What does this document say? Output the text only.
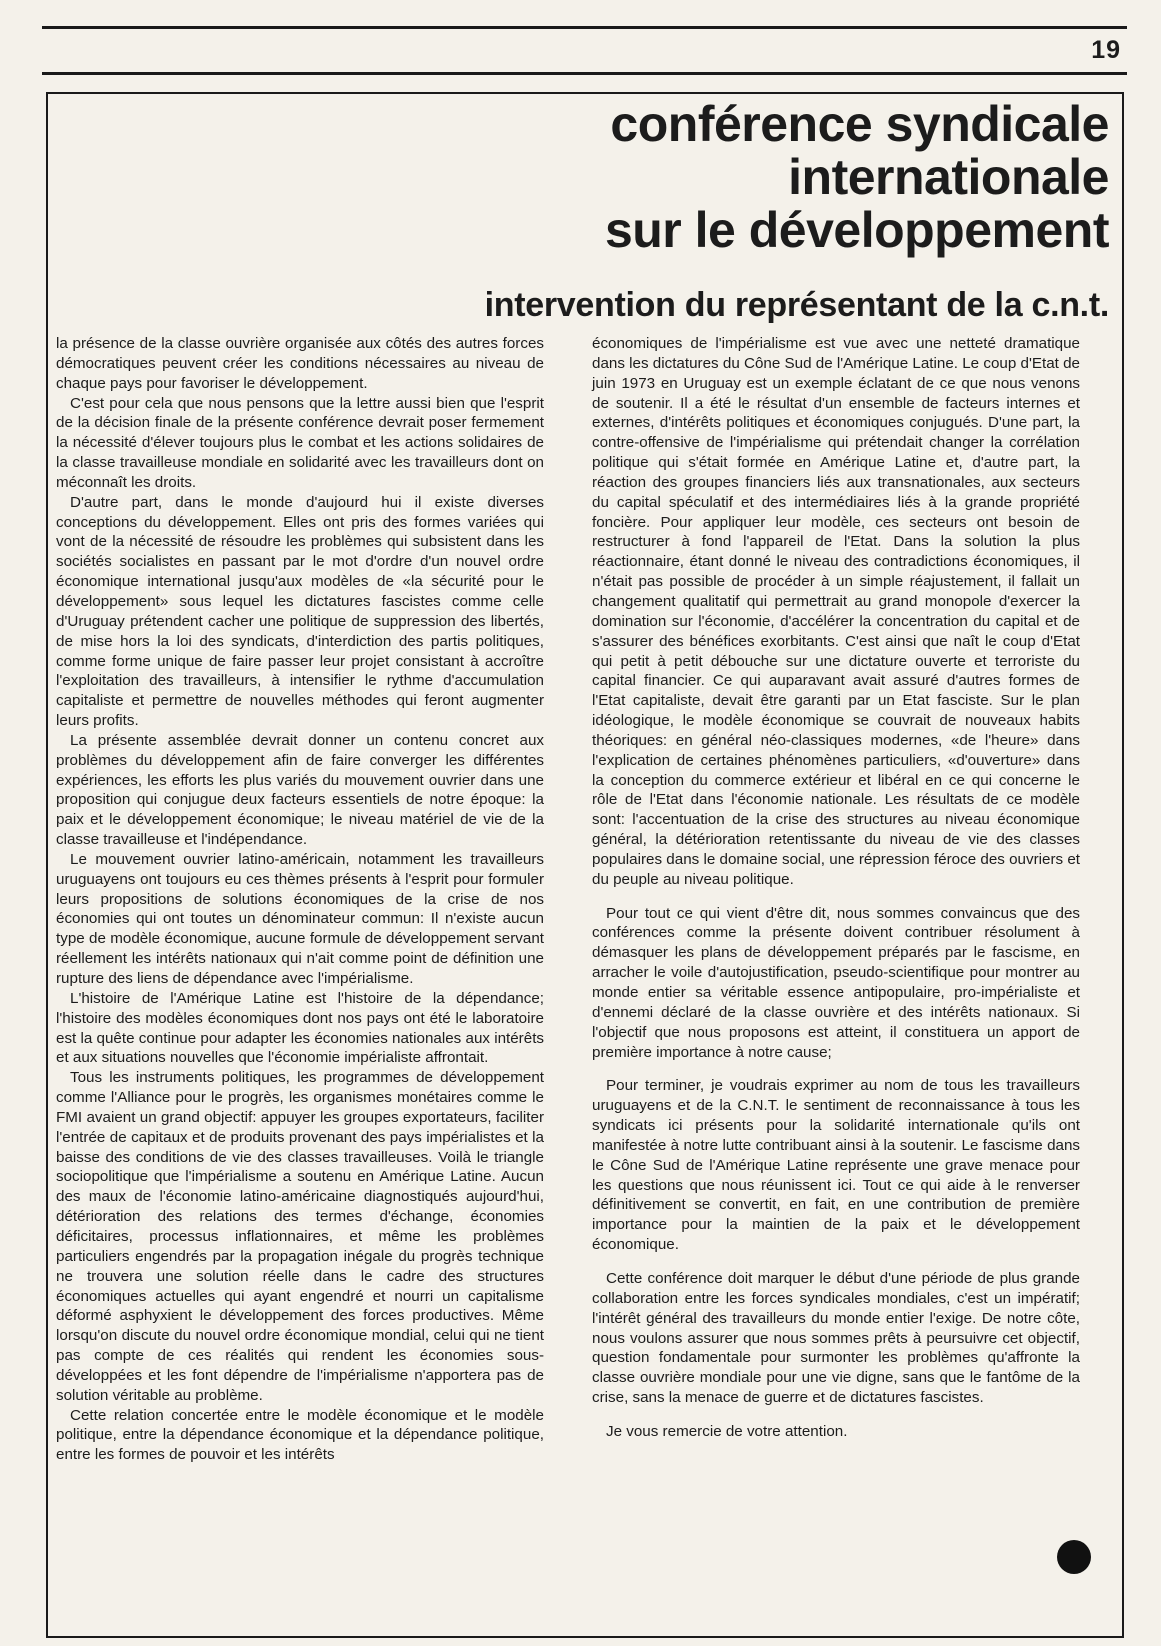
19
conférence syndicale
internationale
sur le développement
intervention du représentant de la c.n.t.

la présence de la classe ouvrière organisée aux côtés des autres forces démocratiques peuvent créer les conditions nécessaires au niveau de chaque pays pour favoriser le développement.

C'est pour cela que nous pensons que la lettre aussi bien que l'esprit de la décision finale de la présente conférence devrait poser fermement la nécessité d'élever toujours plus le combat et les actions solidaires de la classe travailleuse mondiale en solidarité avec les travailleurs dont on méconnaît les droits.

D'autre part, dans le monde d'aujourd hui il existe diverses conceptions du développement. Elles ont pris des formes variées qui vont de la nécessité de résoudre les problèmes qui subsistent dans les sociétés socialistes en passant par le mot d'ordre d'un nouvel ordre économique international jusqu'aux modèles de «la sécurité pour le développement» sous lequel les dictatures fascistes comme celle d'Uruguay prétendent cacher une politique de suppression des libertés, de mise hors la loi des syndicats, d'interdiction des partis politiques, comme forme unique de faire passer leur projet consistant à accroître l'exploitation des travailleurs, à intensifier le rythme d'accumulation capitaliste et permettre de nouvelles méthodes qui feront augmenter leurs profits.

La présente assemblée devrait donner un contenu concret aux problèmes du développement afin de faire converger les différentes expériences, les efforts les plus variés du mouvement ouvrier dans une proposition qui conjugue deux facteurs essentiels de notre époque: la paix et le développement économique; le niveau matériel de vie de la classe travailleuse et l'indépendance.

Le mouvement ouvrier latino-américain, notamment les travailleurs uruguayens ont toujours eu ces thèmes présents à l'esprit pour formuler leurs propositions de solutions économiques de la crise de nos économies qui ont toutes un dénominateur commun: Il n'existe aucun type de modèle économique, aucune formule de développement servant réellement les intérêts nationaux qui n'ait comme point de définition une rupture des liens de dépendance avec l'impérialisme.

L'histoire de l'Amérique Latine est l'histoire de la dépendance; l'histoire des modèles économiques dont nos pays ont été le laboratoire est la quête continue pour adapter les économies nationales aux intérêts et aux situations nouvelles que l'économie impérialiste affrontait.

Tous les instruments politiques, les programmes de développement comme l'Alliance pour le progrès, les organismes monétaires comme le FMI avaient un grand objectif: appuyer les groupes exportateurs, faciliter l'entrée de capitaux et de produits provenant des pays impérialistes et la baisse des conditions de vie des classes travailleuses. Voilà le triangle sociopolitique que l'impérialisme a soutenu en Amérique Latine. Aucun des maux de l'économie latino-américaine diagnostiqués aujourd'hui, détérioration des relations des termes d'échange, économies déficitaires, processus inflationnaires, et même les problèmes particuliers engendrés par la propagation inégale du progrès technique ne trouvera une solution réelle dans le cadre des structures économiques actuelles qui ayant engendré et nourri un capitalisme déformé asphyxient le développement des forces productives. Même lorsqu'on discute du nouvel ordre économique mondial, celui qui ne tient pas compte de ces réalités qui rendent les économies sous-développées et les font dépendre de l'impérialisme n'apportera pas de solution véritable au problème.

Cette relation concertée entre le modèle économique et le modèle politique, entre la dépendance économique et la dépendance politique, entre les formes de pouvoir et les intérêts

économiques de l'impérialisme est vue avec une netteté dramatique dans les dictatures du Cône Sud de l'Amérique Latine. Le coup d'Etat de juin 1973 en Uruguay est un exemple éclatant de ce que nous venons de soutenir. Il a été le résultat d'un ensemble de facteurs internes et externes, d'intérêts politiques et économiques conjugués. D'une part, la contre-offensive de l'impérialisme qui prétendait changer la corrélation politique qui s'était formée en Amérique Latine et, d'autre part, la réaction des groupes financiers liés aux transnationales, aux secteurs du capital spéculatif et des intermédiaires liés à la grande propriété foncière. Pour appliquer leur modèle, ces secteurs ont besoin de restructurer à fond l'appareil de l'Etat. Dans la solution la plus réactionnaire, étant donné le niveau des contradictions économiques, il n'était pas possible de procéder à un simple réajustement, il fallait un changement qualitatif qui permettrait au grand monopole d'exercer la domination sur l'économie, d'accélérer la concentration du capital et de s'assurer des bénéfices exorbitants. C'est ainsi que naît le coup d'Etat qui petit à petit débouche sur une dictature ouverte et terroriste du capital financier. Ce qui auparavant avait assuré d'autres formes de l'Etat capitaliste, devait être garanti par un Etat fasciste. Sur le plan idéologique, le modèle économique se couvrait de nouveaux habits théoriques: en général néo-classiques modernes, «de l'heure» dans l'explication de certaines phénomènes particuliers, «d'ouverture» dans la conception du commerce extérieur et libéral en ce qui concerne le rôle de l'Etat dans l'économie nationale. Les résultats de ce modèle sont: l'accentuation de la crise des structures au niveau économique général, la détérioration retentissante du niveau de vie des classes populaires dans le domaine social, une répression féroce des ouvriers et du peuple au niveau politique.

Pour tout ce qui vient d'être dit, nous sommes convaincus que des conférences comme la présente doivent contribuer résolument à démasquer les plans de développement préparés par le fascisme, en arracher le voile d'autojustification, pseudo-scientifique pour montrer au monde entier sa véritable essence antipopulaire, pro-impérialiste et d'ennemi déclaré de la classe ouvrière et des intérêts nationaux. Si l'objectif que nous proposons est atteint, il constituera un apport de première importance à notre cause;

Pour terminer, je voudrais exprimer au nom de tous les travailleurs uruguayens et de la C.N.T. le sentiment de reconnaissance à tous les syndicats ici présents pour la solidarité internationale qu'ils ont manifestée à notre lutte contribuant ainsi à la soutenir. Le fascisme dans le Cône Sud de l'Amérique Latine représente une grave menace pour les questions que nous réunissent ici. Tout ce qui aide à le renverser définitivement se convertit, en fait, en une contribution de première importance pour la maintien de la paix et le développement économique.

Cette conférence doit marquer le début d'une période de plus grande collaboration entre les forces syndicales mondiales, c'est un impératif; l'intérêt général des travailleurs du monde entier l'exige. De notre côte, nous voulons assurer que nous sommes prêts à peursuivre cet objectif, question fondamentale pour surmonter les problèmes qu'affronte la classe ouvrière mondiale pour une vie digne, sans que le fantôme de la crise, sans la menace de guerre et de dictatures fascistes.

Je vous remercie de votre attention.
